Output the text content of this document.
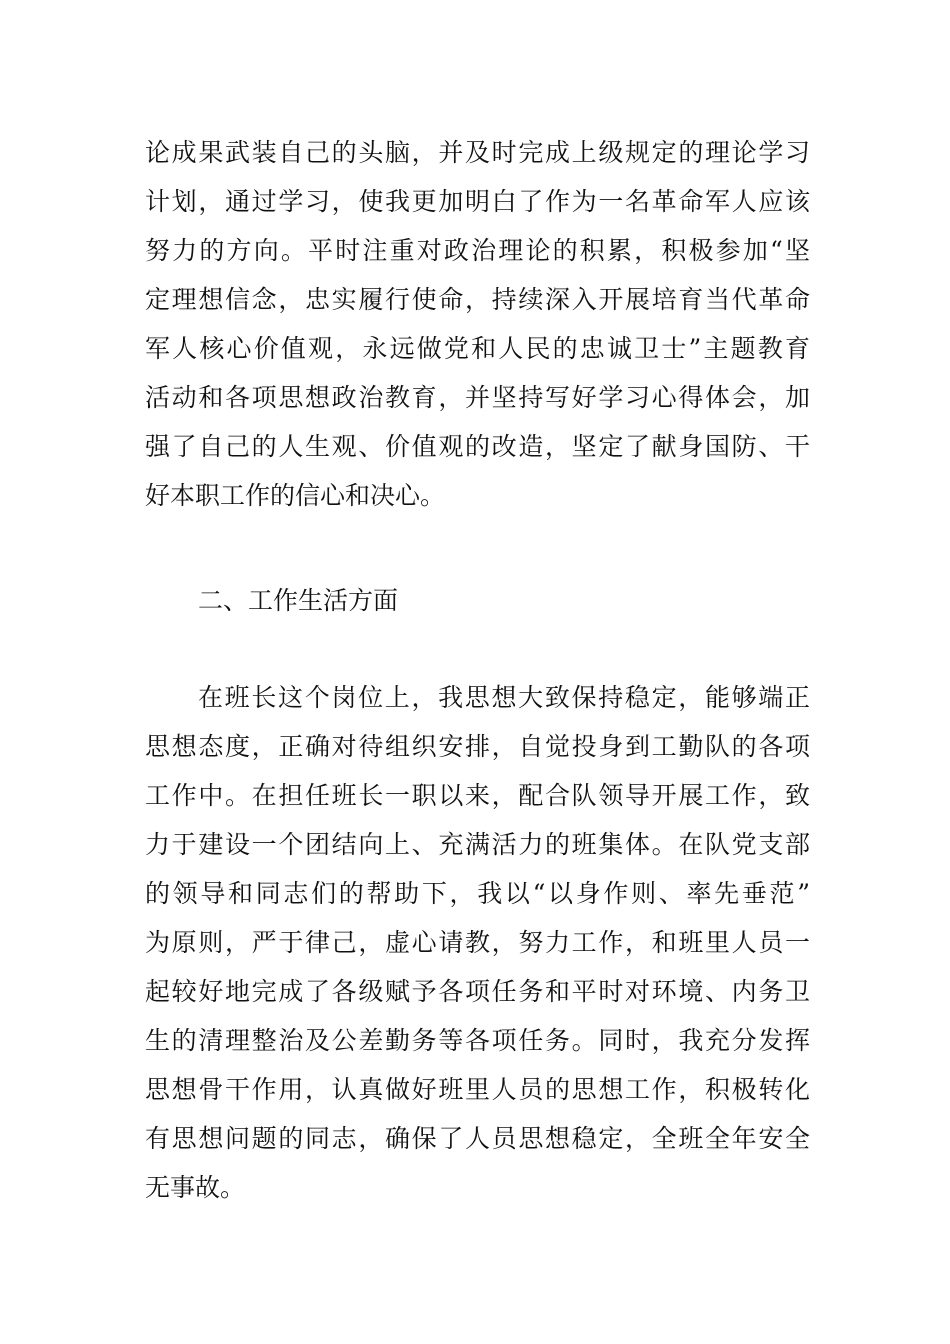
论成果武装自己的头脑，并及时完成上级规定的理论学习
计划，通过学习，使我更加明白了作为一名革命军人应该
努力的方向。平时注重对政治理论的积累，积极参加“坚
定理想信念，忠实履行使命，持续深入开展培育当代革命
军人核心价值观，永远做党和人民的忠诚卫士”主题教育
活动和各项思想政治教育，并坚持写好学习心得体会，加
强了自己的人生观、价值观的改造，坚定了献身国防、干
好本职工作的信心和决心。
二、工作生活方面
在班长这个岗位上，我思想大致保持稳定，能够端正
思想态度，正确对待组织安排，自觉投身到工勤队的各项
工作中。在担任班长一职以来，配合队领导开展工作，致
力于建设一个团结向上、充满活力的班集体。在队党支部
的领导和同志们的帮助下，我以“以身作则、率先垂范”
为原则，严于律己，虚心请教，努力工作，和班里人员一
起较好地完成了各级赋予各项任务和平时对环境、内务卫
生的清理整治及公差勤务等各项任务。同时，我充分发挥
思想骨干作用，认真做好班里人员的思想工作，积极转化
有思想问题的同志，确保了人员思想稳定，全班全年安全
无事故。
